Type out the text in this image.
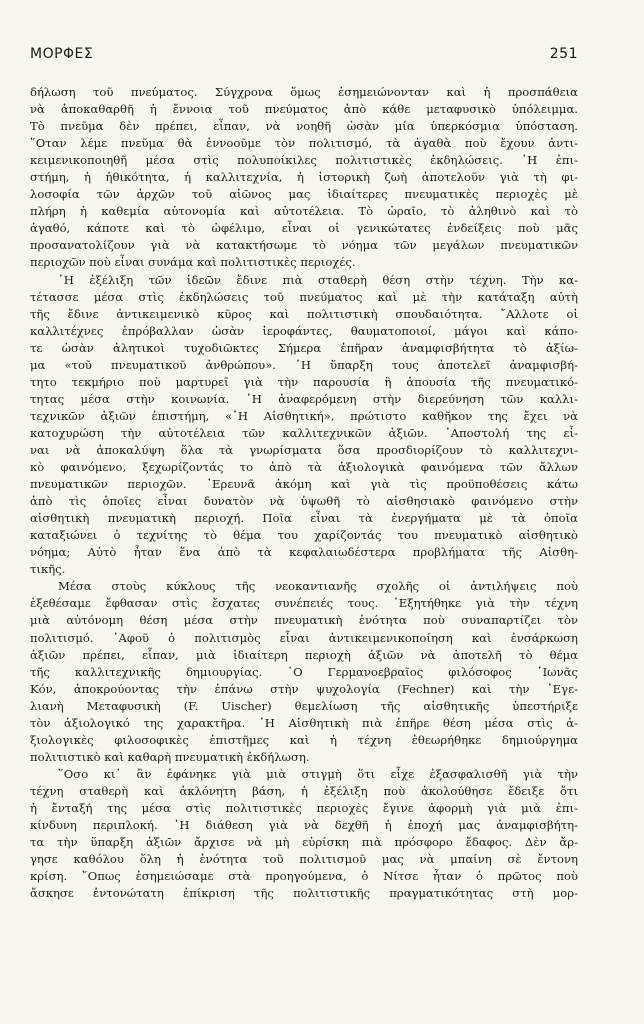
ΜΟΡΦΕΣ	251
δήλωση τοῦ πνεύματος. Σύγχρονα ὅμως ἐσημειώνονταν καὶ ἡ προσπάθεια
νὰ ἀποκαθαρθῆ ἡ ἔννοια τοῦ πνεύματος ἀπὸ κάθε μεταφυσικὸ ὑπόλειμμα.
Τὸ πνεῦμα δὲν πρέπει, εἶπαν, νὰ νοηθῆ ὡσὰν μία ὑπερκόσμια ὑπόσταση.
῞Οταν λέμε πνεῦμα θὰ ἐννοοῦμε τὸν πολιτισμό, τὰ ἀγαθὰ ποὺ ἔχουν ἀντι-
κειμενικοποιηθῆ μέσα στὶς πολυποίκιλες πολιτιστικὲς ἐκδηλώσεις. ῾Η ἐπι-
στήμη, ἡ ἠθικότητα, ἡ καλλιτεχνία, ἡ ἱστορικὴ ζωὴ ἀποτελοῦν γιὰ τὴ φι-
λοσοφία τῶν ἀρχῶν τοῦ αἰῶνος μας ἰδιαίτερες πνευματικὲς περιοχὲς μὲ
πλήρη ἡ καθεμία αὐτονομία καὶ αὐτοτέλεια. Τὸ ὡραῖο, τὸ ἀληθινὸ καὶ τὸ
ἀγαθό, κάποτε καὶ τὸ ὠφέλιμο, εἶναι οἱ γενικώτατες ἐνδείξεις ποὺ μᾶς
προσανατολίζουν γιὰ νὰ κατακτήσωμε τὸ νόημα τῶν μεγάλων πνευματικῶν
περιοχῶν ποὺ εἶναι συνάμα καὶ πολιτιστικὲς περιοχές.
῾Η ἐξέλιξη τῶν ἰδεῶν ἔδινε πιὰ σταθερὴ θέση στὴν τέχνη. Τὴν κα-
τέτασσε μέσα στὶς ἐκδηλώσεις τοῦ πνεύματος καὶ μὲ τὴν κατάταξη αὐτὴ
τῆς ἔδινε ἀντικειμενικὸ κῦρος καὶ πολιτιστικὴ σπουδαιότητα. ῎Αλλοτε οἱ
καλλιτέχνες ἐπρόβαλλαν ὡσὰν ἱεροφάντες, θαυματοποιοί, μάγοι καὶ κάπο-
τε ὡσὰν ἀλητικοὶ τυχοδιῶκτες Σήμερα ἐπῆραν ἀναμφισβήτητα τὸ ἀξίω-
μα «τοῦ πνευματικοῦ ἀνθρώπου». ῾Η ὕπαρξη τους ἀποτελεῖ ἀναμφισβή-
τητο τεκμήριο ποὺ μαρτυρεῖ γιὰ τὴν παρουσία ἢ ἀπουσία τῆς πνευματικό-
τητας μέσα στὴν κοινωνία. ῾Η ἀναφερόμενη στὴν διερεύνηση τῶν καλλι-
τεχνικῶν ἀξιῶν ἐπιστήμη, «῾Η Αἰσθητική», πρώτιστο καθῆκον της ἔχει νὰ
κατοχυρώση τὴν αὐτοτέλεια τῶν καλλιτεχνικῶν ἀξιῶν. ᾿Αποστολή της εἶ-
ναι νὰ ἀποκαλύψη ὅλα τὰ γνωρίσματα ὅσα προσδιορίζουν τὸ καλλιτεχνι-
κὸ φαινόμενο, ξεχωρίζοντάς το ἀπὸ τὰ ἀξιολογικὰ φαινόμενα τῶν ἄλλων
πνευματικῶν περιοχῶν. ᾿Ερευνᾶ ἀκόμη καὶ γιὰ τὶς προϋποθέσεις κάτω
ἀπὸ τὶς ὁποῖες εἶναι δυνατὸν νὰ ὑψωθῆ τὸ αἰσθησιακὸ φαινόμενο στὴν
αἰσθητικὴ πνευματικὴ περιοχή. Ποῖα εἶναι τὰ ἐνεργήματα μὲ τὰ ὁποῖα
καταξιώνει ὁ τεχνίτης τὸ θέμα του χαρίζοντάς του πνευματικὸ αἰσθητικὸ
νόημα; Αὐτὸ ἦταν ἕνα ἀπὸ τὰ κεφαλαιωδέστερα προβλήματα τῆς Αἰσθη-
τικῆς.
Μέσα στοὺς κύκλους τῆς νεοκαντιανῆς σχολῆς οἱ ἀντιλήψεις ποὺ
ἐξεθέσαμε ἔφθασαν στὶς ἔσχατες συνέπειές τους. ᾿Εξητήθηκε γιὰ τὴν τέχνη
μιὰ αὐτόνομη θέση μέσα στὴν πνευματικὴ ἑνότητα ποὺ συναπαρτίζει τὸν
πολιτισμό. ᾿Αφοῦ ὁ πολιτισμὸς εἶναι ἀντικειμενικοποίηση καὶ ἐνσάρκωση
ἀξιῶν πρέπει, εἶπαν, μιὰ ἰδιαίτερη περιοχὴ ἀξιῶν νὰ ἀποτελῆ τὸ θέμα
τῆς καλλιτεχνικῆς δημιουργίας. ῾Ο Γερμανοεβραῖος φιλόσοφος ᾿Ιωνᾶς
Κόν, ἀποκρούοντας τὴν ἐπάνω στὴν ψυχολογία (Fechner) καὶ τὴν ᾿Εγε-
λιανὴ Μεταφυσικὴ (F. Uischer) θεμελίωση τῆς αἰσθητικῆς ὑπεστήριξε
τὸν ἀξιολογικό της χαρακτῆρα. ῾Η Αἰσθητικὴ πιὰ ἐπῆρε θέση μέσα στὶς ἀ-
ξιολογικὲς φιλοσοφικὲς ἐπιστῆμες καὶ ἡ τέχνη ἐθεωρήθηκε δημιούργημα
πολιτιστικὸ καὶ καθαρὴ πνευματικὴ ἐκδήλωση.
῞Οσο κι᾿ ἂν ἐφάνηκε γιὰ μιὰ στιγμὴ ὅτι εἶχε ἐξασφαλισθῆ γιὰ τὴν
τέχνη σταθερὴ καὶ ἀκλόνητη βάση, ἡ ἐξέλιξη ποὺ ἀκολούθησε ἔδειξε ὅτι
ἡ ἔνταξή της μέσα στὶς πολιτιστικὲς περιοχὲς ἔγινε ἀφορμὴ γιὰ μιὰ ἐπι-
κίνδυνη περιπλοκή. ῾Η διάθεση γιὰ νὰ δεχθῆ ἡ ἐποχή μας ἀναμφισβήτη-
τα τὴν ὕπαρξη ἀξιῶν ἄρχισε νὰ μὴ εὑρίσκη πιὰ πρόσφορο ἔδαφος. Δὲν ἄρ-
γησε καθόλου ὅλη ἡ ἑνότητα τοῦ πολιτισμοῦ μας νὰ μπαίνη σὲ ἔντονη
κρίση. ῞Οπως ἐσημειώσαμε στὰ προηγούμενα, ὁ Νίτσε ἦταν ὁ πρῶτος ποὺ
ἄσκησε ἐντονώτατη ἐπίκριση τῆς πολιτιστικῆς πραγματικότητας στὴ μορ-
